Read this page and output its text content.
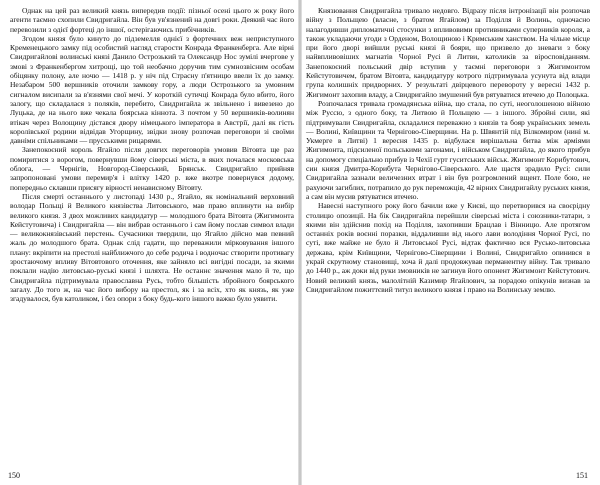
Однак на цей раз великий князь випередив події: пізньої осені цього ж року його агенти таємно схопили Свидригайла. Він був ув'язнений на довгі роки. Деякий час його перевозили з одієї фортеці до іншої, остерігаючись прибічників.

Згодом князя було кинуто до підземелля однієї з фортечних веж неприступного Кременецького замку під особистий нагляд старости Конрада Франкенберга. Але вірні Свидригайлові волинські князі Данило Острозький та Олександр Нос зумілі вчергове у змові з Франкенбергом хитрощі, що той необачно доручив тим сумнозвісним особам обіцянку полону, але ночю — 1418 р. у ніч під Страсну п'ятницю ввели їх до замку. Незабаром 500 вершників оточили замкову гору, а люди Острозького за умовним сигналом висипали за в'язнями свої мечі. У короткій сутичці Конрада було вбито, його залогу, що складалася з поляків, перебито, Свидригайла ж звільнено і вивезено до Луцька, де на нього вже чекала боярська кіннота. З почтом у 50 вершників-волинян втікач через Волощину дістався двору німецького імператора в Австрії, далі як гість королівської родини відвідав Угорщину, звідки знову розпочав переговори зі своїми давніми спільниками — прусськими рицарями.

Занепокоєний король Ягайло після довгих переговорів умовив Вітовта ще раз помиритися з ворогом, повернувши йому сіверські міста, в яких почалася московська облога, — Чернігів, Новгород-Сіверський, Брянськ. Свидригайло прийняв запропоновані умови перемир'я і влітку 1420 р. вже вкотре повернувся додому, попередньо склавши присягу вірності ненависному Вітовту.

Після смерті останнього у листопаді 1430 р., Ягайло, як номінальний верховний володар Польщі й Великого князівства Литовського, мав право вплинути на вибір великого князя. З двох можливих кандидатур — молодшого брата Вітовта (Жигимонта Кейстутовича) і Свидригайла — він вибрав останнього і сам йому послав символ влади — великокнязівський перстень. Сучасники твердили, що Ягайло дійсно мав певний жаль до молодшого брата. Однак слід гадати, що переважили мірковування іншого плану: вкріпити на престолі найближчого до себе родича і водночас створити противагу зростаючому впливу Вітовтового оточення, яке зайняло всі вигідні посади, за якими поклали надію литовсько-руські князі і шляхта. Не останнє значення мало й те, що Свидригайла підтримувала православна Русь, тобто більшість збройного боярського загалу. До того ж, на час його вибору на престол, як і за всіх, хто як князь, як уже згадувалося, був католиком, і без опори з боку будь-кого іншого важко було уявити.

150

Князювання Свидригайла тривало недовго. Відразу після інтронізації він розпочав війну з Польщею (власне, з братом Ягайлом) за Поділля й Волинь, одночасно налагодивши дипломатичні стосунки з впливовими противниками суперників короля, а також укладаючи угоди з Орденом, Волощиною і Кримським ханством. На чільне місце при його дворі вийшли руські князі й бояри, що призвело до зневаги з боку найвпливовіших магнатів Чорної Русі й Литви, католиків за віросповіданням. Занепокоєний польський двір вступив у таємні переговори з Жигимонтом Кейстутовичем, братом Вітовта, кандидатуру котрого підтримувала усунута від влади група колишніх придворних. У результаті двірцевого перевороту у вересні 1432 р. Жигимонт захопив владу, а Свидригайло змушений був рятуватися втечею до Полоцька.

Розпочалася тривала громадянська війна, що стала, по суті, неоголошеною війною між Руссю, з одного боку, та Литвою й Польщею — з іншого. Збройні сили, які підтримували Свидригайла, складалися переважно з князів та бояр українських земель — Волині, Київщини та Чернігово-Сіверщини. На р. Швянтій під Вілкомиром (нині м. Укмерге в Литві) 1 вересня 1435 р. відбулася вирішальна битва між арміями Жигимонта, підсиленої польськими загонами, і військом Свидригайла, до якого прибув на допомогу спеціально прибув із Чехії гурт гуситських військ. Жигимонт Корибутович, син князя Дмитра-Корибута Чернігово-Сіверського. Але щастя зрадило Русі: сили Свидригайла зазнали величезних втрат і він був розгромлений вщент. Поле бою, не рахуючи загиблих, потрапило до рук переможців, 42 вірних Свидригайлу руських князя, а сам він мусив рятуватися втечею.

Навесні наступного року його бачили вже у Києві, що перетворився на своєрідну столицю опозиції. На бік Свидригайла перейшли сіверські міста і союзники-татари, з якими він здійснив похід на Поділля, захопивши Брацлав і Вінницю. Але протягом останніх років воєнні поразки, віддаливши від нього лави володіння Чорної Русі, по суті, вже майже не було й Литовської Русі, відтак фактично вся Русько-литовська держава, крім Київщини, Чернігово-Сіверщини і Волині, Свидригайло опинився в украй скрутному становищі, хоча й далі продовжував перманентну війну. Так тривало до 1440 р., аж доки від руки змовників не загинув його опонент Жигимонт Кейстутович. Новий великий князь, малолітній Казимир Ягайлович, за порадою опікунів визнав за Свидригайлом пожиттєвий титул великого князя і право на Волинську землю.

151
